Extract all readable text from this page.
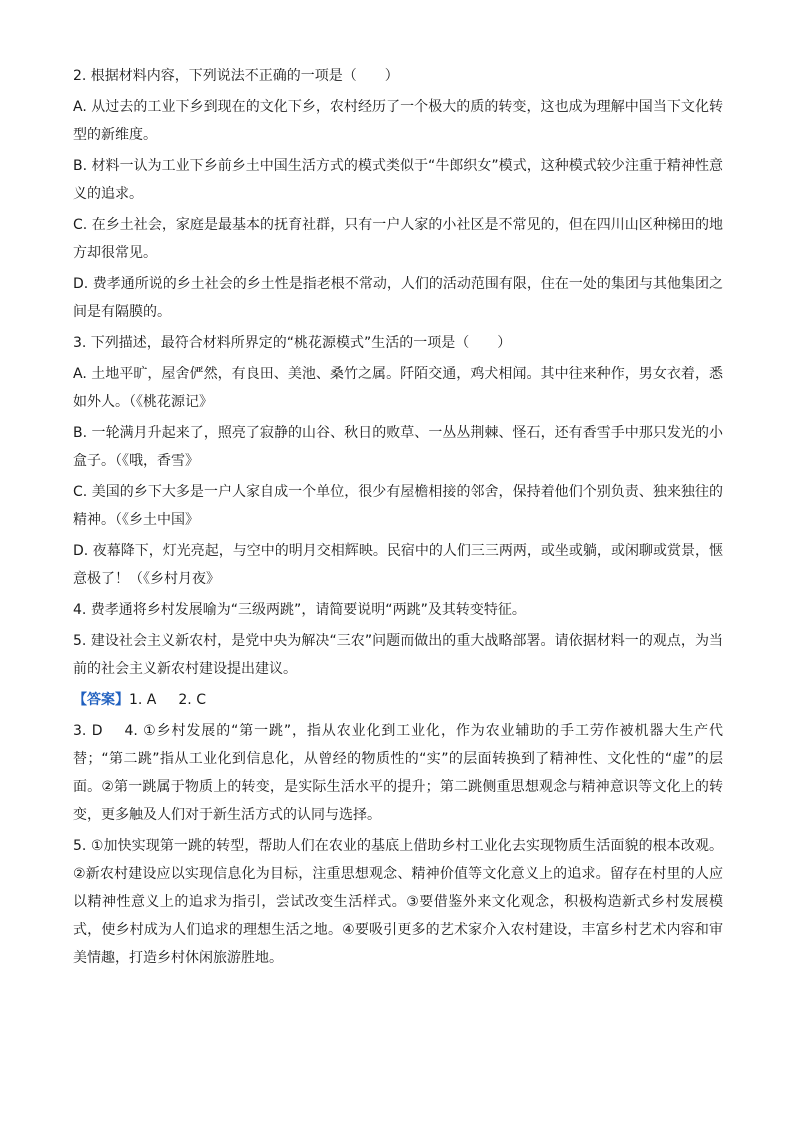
2. 根据材料内容，下列说法不正确的一项是（　　）

A. 从过去的工业下乡到现在的文化下乡，农村经历了一个极大的质的转变，这也成为理解中国当下文化转型的新维度。

B. 材料一认为工业下乡前乡土中国生活方式的模式类似于“牛郎织女”模式，这种模式较少注重于精神性意义的追求。

C. 在乡土社会，家庭是最基本的抚育社群，只有一户人家的小社区是不常见的，但在四川山区种梯田的地方却很常见。

D. 费孝通所说的乡土社会的乡土性是指老根不常动，人们的活动范围有限，住在一处的集团与其他集团之间是有隔膜的。

3. 下列描述，最符合材料所界定的“桃花源模式”生活的一项是（　　）

A. 土地平旷，屋舍俨然，有良田、美池、桑竹之属。阡陌交通，鸡犬相闻。其中往来种作，男女衣着，悉如外人。（《桃花源记》

B. 一轮满月升起来了，照亮了寂静的山谷、秋日的败草、一丛丛荆棘、怪石，还有香雪手中那只发光的小盒子。（《哦，香雪》

C. 美国的乡下大多是一户人家自成一个单位，很少有屋檐相接的邻舍，保持着他们个别负责、独来独往的精神。（《乡土中国》

D. 夜幕降下，灯光亮起，与空中的明月交相辉映。民宿中的人们三三两两，或坐或躺，或闲聊或赏景，惬意极了！（《乡村月夜》

4. 费孝通将乡村发展喻为“三级两跳”，请简要说明“两跳”及其转变特征。

5. 建设社会主义新农村，是党中央为解决“三农”问题而做出的重大战略部署。请依据材料一的观点，为当前的社会主义新农村建设提出建议。

【答案】1. A 2. C

3. D 4. ①乡村发展的“第一跳”，指从农业化到工业化，作为农业辅助的手工劳作被机器大生产代替；“第二跳”指从工业化到信息化，从曾经的物质性的“实”的层面转换到了精神性、文化性的“虚”的层面。②第一跳属于物质上的转变，是实际生活水平的提升；第二跳侧重思想观念与精神意识等文化上的转变，更多触及人们对于新生活方式的认同与选择。

5. ①加快实现第一跳的转型，帮助人们在农业的基底上借助乡村工业化去实现物质生活面貌的根本改观。②新农村建设应以实现信息化为目标，注重思想观念、精神价值等文化意义上的追求。留存在村里的人应以精神性意义上的追求为指引，尝试改变生活样式。③要借鉴外来文化观念，积极构造新式乡村发展模式，使乡村成为人们追求的理想生活之地。④要吸引更多的艺术家介入农村建设，丰富乡村艺术内容和审美情趣，打造乡村休闲旅游胜地。
